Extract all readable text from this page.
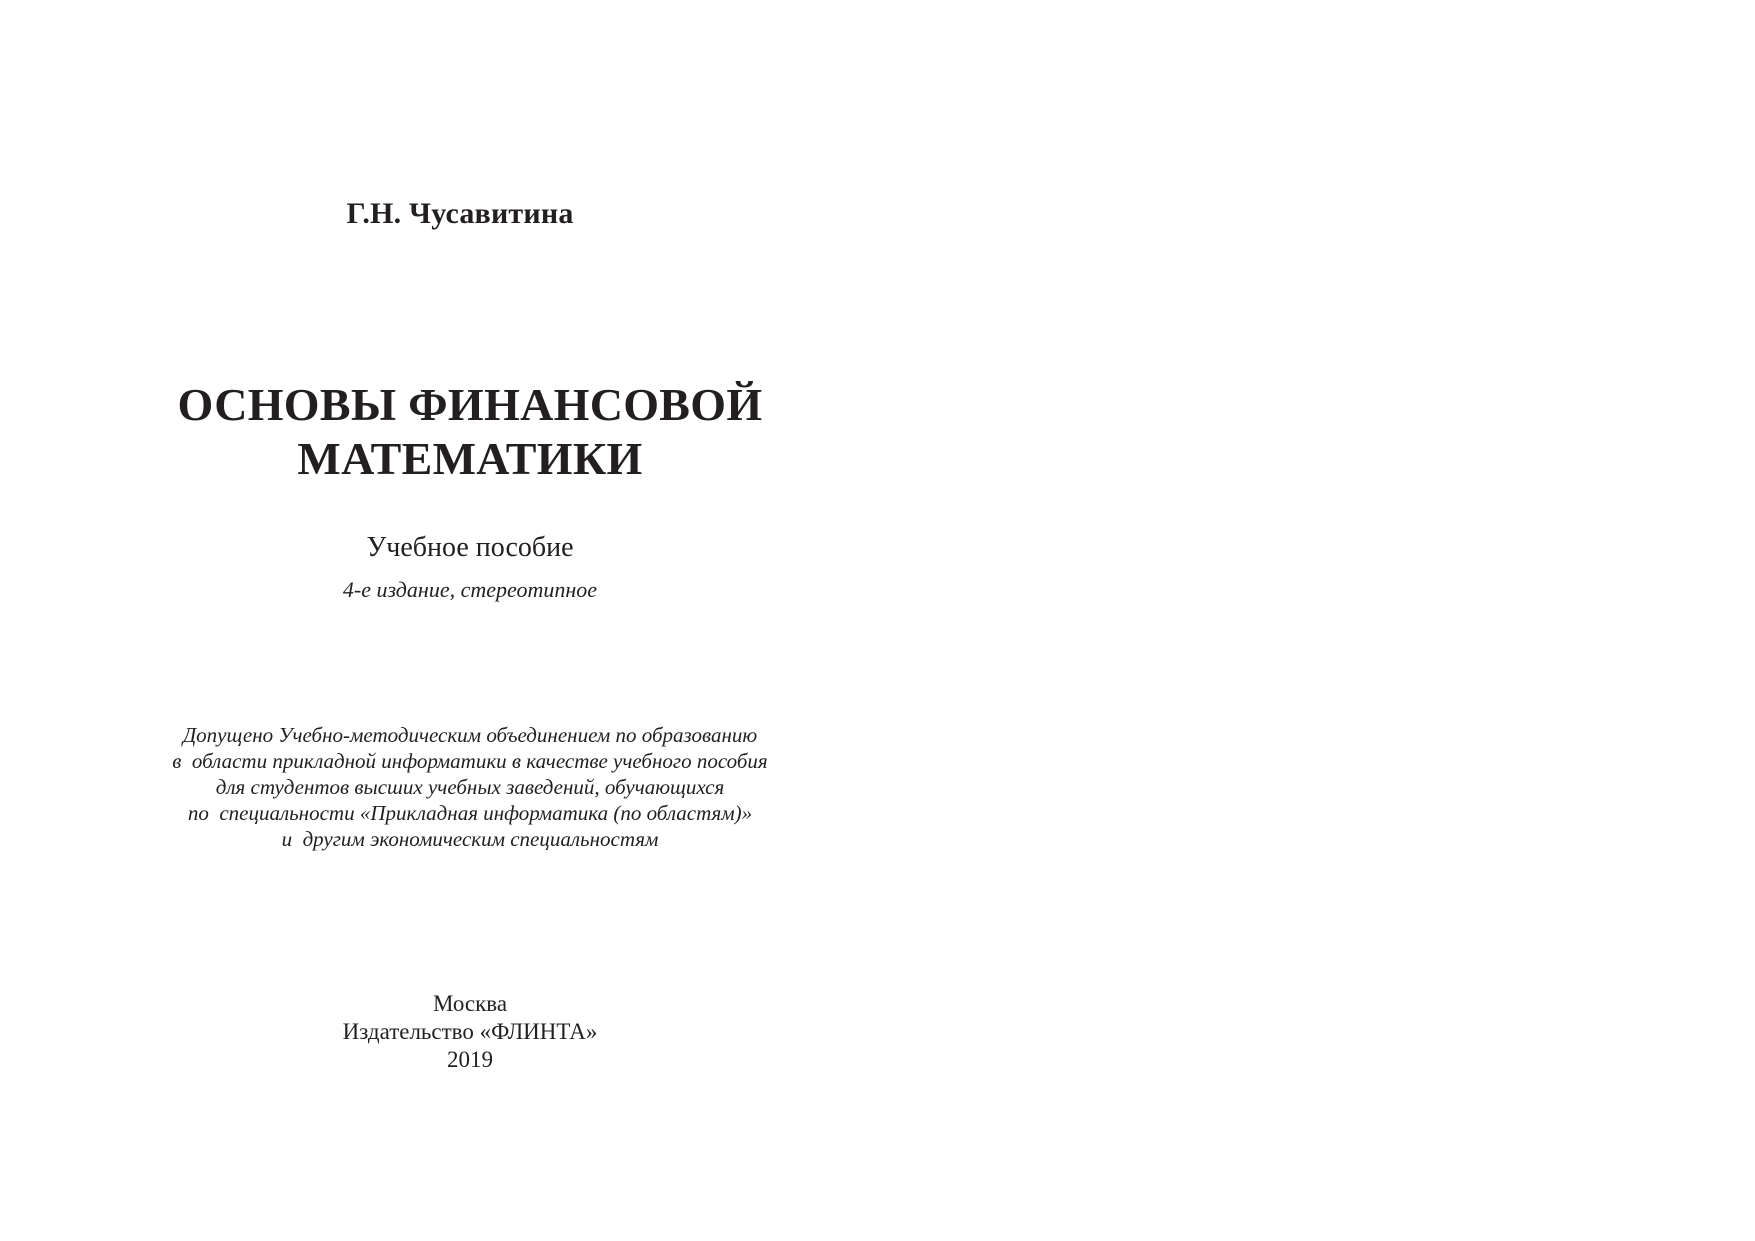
Г.Н. Чусавитина
ОСНОВЫ ФИНАНСОВОЙ
МАТЕМАТИКИ
Учебное пособие
4-е издание, стереотипное
Допущено Учебно-методическим объединением по образованию
в  области прикладной информатики в качестве учебного пособия
для студентов высших учебных заведений, обучающихся
по  специальности «Прикладная информатика (по областям)»
и  другим экономическим специальностям
Москва
Издательство «ФЛИНТА»
2019
